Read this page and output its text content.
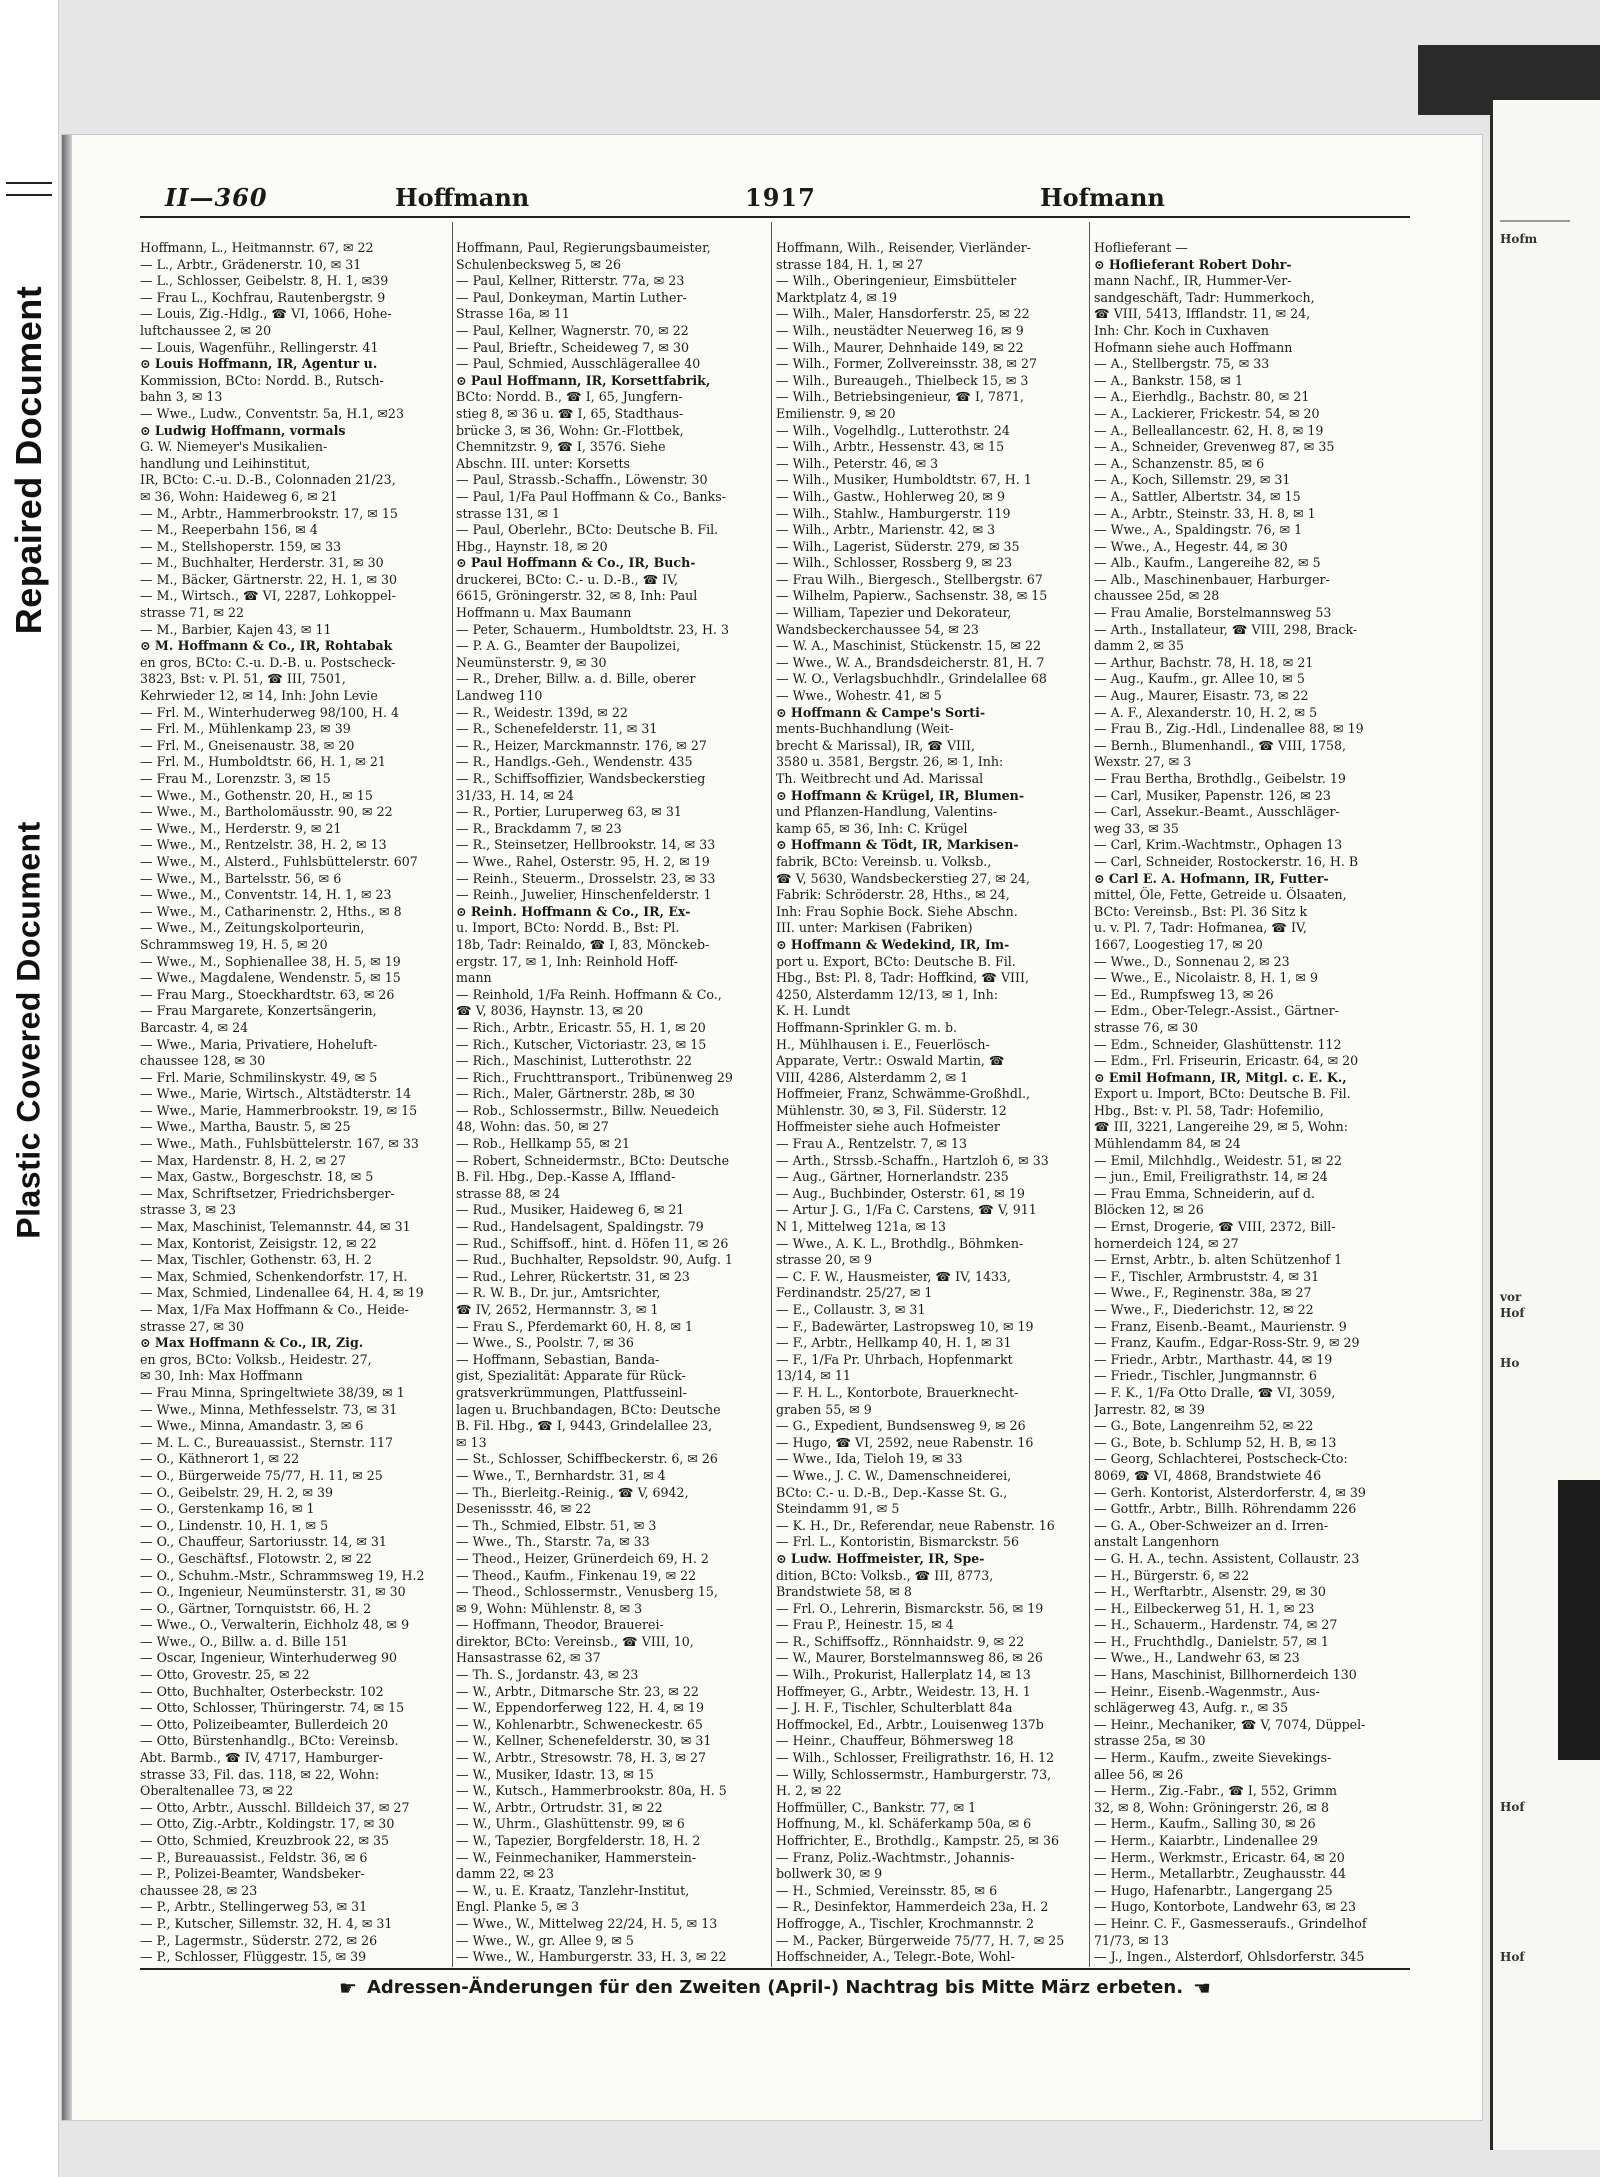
Repaired Document
Plastic Covered Document
Hofm
vor
Hof
Ho
Hof
Hof
II—360	Hoffmann	1917	Hofmann
Hoffmann, L., Heitmannstr. 67, ✉ 22
— L., Arbtr., Grädenerstr. 10, ✉ 31
— L., Schlosser, Geibelstr. 8, H. 1, ✉39
— Frau L., Kochfrau, Rautenbergstr. 9
— Louis, Zig.-Hdlg., ☎ VI, 1066, Hohe-
luftchaussee 2, ✉ 20
— Louis, Wagenführ., Rellingerstr. 41
⊙ Louis Hoffmann, IR, Agentur u.
Kommission, BCto: Nordd. B., Rutsch-
bahn 3, ✉ 13
— Wwe., Ludw., Conventstr. 5a, H.1, ✉23
⊙ Ludwig Hoffmann, vormals
G. W. Niemeyer's Musikalien-
handlung und Leihinstitut,
IR, BCto: C.-u. D.-B., Colonnaden 21/23,
✉ 36, Wohn: Haideweg 6, ✉ 21
— M., Arbtr., Hammerbrookstr. 17, ✉ 15
— M., Reeperbahn 156, ✉ 4
— M., Stellshoperstr. 159, ✉ 33
— M., Buchhalter, Herderstr. 31, ✉ 30
— M., Bäcker, Gärtnerstr. 22, H. 1, ✉ 30
— M., Wirtsch., ☎ VI, 2287, Lohkoppel-
strasse 71, ✉ 22
— M., Barbier, Kajen 43, ✉ 11
⊙ M. Hoffmann & Co., IR, Rohtabak
en gros, BCto: C.-u. D.-B. u. Postscheck-
3823, Bst: v. Pl. 51, ☎ III, 7501,
Kehrwieder 12, ✉ 14, Inh: John Levie
— Frl. M., Winterhuderweg 98/100, H. 4
— Frl. M., Mühlenkamp 23, ✉ 39
— Frl. M., Gneisenaustr. 38, ✉ 20
— Frl. M., Humboldtstr. 66, H. 1, ✉ 21
— Frau M., Lorenzstr. 3, ✉ 15
— Wwe., M., Gothenstr. 20, H., ✉ 15
— Wwe., M., Bartholomäusstr. 90, ✉ 22
— Wwe., M., Herderstr. 9, ✉ 21
— Wwe., M., Rentzelstr. 38, H. 2, ✉ 13
— Wwe., M., Alsterd., Fuhlsbüttelerstr. 607
— Wwe., M., Bartelsstr. 56, ✉ 6
— Wwe., M., Conventstr. 14, H. 1, ✉ 23
— Wwe., M., Catharinenstr. 2, Hths., ✉ 8
— Wwe., M., Zeitungskolporteurin,
Schrammsweg 19, H. 5, ✉ 20
— Wwe., M., Sophienallee 38, H. 5, ✉ 19
— Wwe., Magdalene, Wendenstr. 5, ✉ 15
— Frau Marg., Stoeckhardtstr. 63, ✉ 26
— Frau Margarete, Konzertsängerin,
Barcastr. 4, ✉ 24
— Wwe., Maria, Privatiere, Hoheluft-
chaussee 128, ✉ 30
— Frl. Marie, Schmilinskystr. 49, ✉ 5
— Wwe., Marie, Wirtsch., Altstädterstr. 14
— Wwe., Marie, Hammerbrookstr. 19, ✉ 15
— Wwe., Martha, Baustr. 5, ✉ 25
— Wwe., Math., Fuhlsbüttelerstr. 167, ✉ 33
— Max, Hardenstr. 8, H. 2, ✉ 27
— Max, Gastw., Borgeschstr. 18, ✉ 5
— Max, Schriftsetzer, Friedrichsberger-
strasse 3, ✉ 23
— Max, Maschinist, Telemannstr. 44, ✉ 31
— Max, Kontorist, Zeisigstr. 12, ✉ 22
— Max, Tischler, Gothenstr. 63, H. 2
— Max, Schmied, Schenkendorfstr. 17, H.
— Max, Schmied, Lindenallee 64, H. 4, ✉ 19
— Max, 1/Fa Max Hoffmann & Co., Heide-
strasse 27, ✉ 30
⊙ Max Hoffmann & Co., IR, Zig.
en gros, BCto: Volksb., Heidestr. 27,
✉ 30, Inh: Max Hoffmann
— Frau Minna, Springeltwiete 38/39, ✉ 1
— Wwe., Minna, Methfesselstr. 73, ✉ 31
— Wwe., Minna, Amandastr. 3, ✉ 6
— M. L. C., Bureauassist., Sternstr. 117
— O., Käthnerort 1, ✉ 22
— O., Bürgerweide 75/77, H. 11, ✉ 25
— O., Geibelstr. 29, H. 2, ✉ 39
— O., Gerstenkamp 16, ✉ 1
— O., Lindenstr. 10, H. 1, ✉ 5
— O., Chauffeur, Sartoriusstr. 14, ✉ 31
— O., Geschäftsf., Flotowstr. 2, ✉ 22
— O., Schuhm.-Mstr., Schrammsweg 19, H.2
— O., Ingenieur, Neumünsterstr. 31, ✉ 30
— O., Gärtner, Tornquiststr. 66, H. 2
— Wwe., O., Verwalterin, Eichholz 48, ✉ 9
— Wwe., O., Billw. a. d. Bille 151
— Oscar, Ingenieur, Winterhuderweg 90
— Otto, Grovestr. 25, ✉ 22
— Otto, Buchhalter, Osterbeckstr. 102
— Otto, Schlosser, Thüringerstr. 74, ✉ 15
— Otto, Polizeibeamter, Bullerdeich 20
— Otto, Bürstenhandlg., BCto: Vereinsb.
Abt. Barmb., ☎ IV, 4717, Hamburger-
strasse 33, Fil. das. 118, ✉ 22, Wohn:
Oberaltenallee 73, ✉ 22
— Otto, Arbtr., Ausschl. Billdeich 37, ✉ 27
— Otto, Zig.-Arbtr., Koldingstr. 17, ✉ 30
— Otto, Schmied, Kreuzbrook 22, ✉ 35
— P., Bureauassist., Feldstr. 36, ✉ 6
— P., Polizei-Beamter, Wandsbeker-
chaussee 28, ✉ 23
— P., Arbtr., Stellingerweg 53, ✉ 31
— P., Kutscher, Sillemstr. 32, H. 4, ✉ 31
— P., Lagermstr., Süderstr. 272, ✉ 26
— P., Schlosser, Flüggestr. 15, ✉ 39
Hoffmann, Paul, Regierungsbaumeister,
Schulenbecksweg 5, ✉ 26
— Paul, Kellner, Ritterstr. 77a, ✉ 23
— Paul, Donkeyman, Martin Luther-
Strasse 16a, ✉ 11
— Paul, Kellner, Wagnerstr. 70, ✉ 22
— Paul, Brieftr., Scheideweg 7, ✉ 30
— Paul, Schmied, Ausschlägerallee 40
⊙ Paul Hoffmann, IR, Korsettfabrik,
BCto: Nordd. B., ☎ I, 65, Jungfern-
stieg 8, ✉ 36 u. ☎ I, 65, Stadthaus-
brücke 3, ✉ 36, Wohn: Gr.-Flottbek,
Chemnitzstr. 9, ☎ I, 3576. Siehe
Abschn. III. unter: Korsetts
— Paul, Strassb.-Schaffn., Löwenstr. 30
— Paul, 1/Fa Paul Hoffmann & Co., Banks-
strasse 131, ✉ 1
— Paul, Oberlehr., BCto: Deutsche B. Fil.
Hbg., Haynstr. 18, ✉ 20
⊙ Paul Hoffmann & Co., IR, Buch-
druckerei, BCto: C.- u. D.-B., ☎ IV,
6615, Gröningerstr. 32, ✉ 8, Inh: Paul
Hoffmann u. Max Baumann
— Peter, Schauerm., Humboldtstr. 23, H. 3
— P. A. G., Beamter der Baupolizei,
Neumünsterstr. 9, ✉ 30
— R., Dreher, Billw. a. d. Bille, oberer
Landweg 110
— R., Weidestr. 139d, ✉ 22
— R., Schenefelderstr. 11, ✉ 31
— R., Heizer, Marckmannstr. 176, ✉ 27
— R., Handlgs.-Geh., Wendenstr. 435
— R., Schiffsoffizier, Wandsbeckerstieg
31/33, H. 14, ✉ 24
— R., Portier, Luruperweg 63, ✉ 31
— R., Brackdamm 7, ✉ 23
— R., Steinsetzer, Hellbrookstr. 14, ✉ 33
— Wwe., Rahel, Osterstr. 95, H. 2, ✉ 19
— Reinh., Steuerm., Drosselstr. 23, ✉ 33
— Reinh., Juwelier, Hinschenfelderstr. 1
⊙ Reinh. Hoffmann & Co., IR, Ex-
u. Import, BCto: Nordd. B., Bst: Pl.
18b, Tadr: Reinaldo, ☎ I, 83, Mönckeb-
ergstr. 17, ✉ 1, Inh: Reinhold Hoff-
mann
— Reinhold, 1/Fa Reinh. Hoffmann & Co.,
☎ V, 8036, Haynstr. 13, ✉ 20
— Rich., Arbtr., Ericastr. 55, H. 1, ✉ 20
— Rich., Kutscher, Victoriastr. 23, ✉ 15
— Rich., Maschinist, Lutterothstr. 22
— Rich., Fruchttransport., Tribünenweg 29
— Rich., Maler, Gärtnerstr. 28b, ✉ 30
— Rob., Schlossermstr., Billw. Neuedeich
48, Wohn: das. 50, ✉ 27
— Rob., Hellkamp 55, ✉ 21
— Robert, Schneidermstr., BCto: Deutsche
B. Fil. Hbg., Dep.-Kasse A, Iffland-
strasse 88, ✉ 24
— Rud., Musiker, Haideweg 6, ✉ 21
— Rud., Handelsagent, Spaldingstr. 79
— Rud., Schiffsoff., hint. d. Höfen 11, ✉ 26
— Rud., Buchhalter, Repsoldstr. 90, Aufg. 1
— Rud., Lehrer, Rückertstr. 31, ✉ 23
— R. W. B., Dr. jur., Amtsrichter,
☎ IV, 2652, Hermannstr. 3, ✉ 1
— Frau S., Pferdemarkt 60, H. 8, ✉ 1
— Wwe., S., Poolstr. 7, ✉ 36
— Hoffmann, Sebastian, Banda-
gist, Spezialität: Apparate für Rück-
gratsverkrümmungen, Plattfusseinl-
lagen u. Bruchbandagen, BCto: Deutsche
B. Fil. Hbg., ☎ I, 9443, Grindelallee 23,
✉ 13
— St., Schlosser, Schiffbeckerstr. 6, ✉ 26
— Wwe., T., Bernhardstr. 31, ✉ 4
— Th., Bierleitg.-Reinig., ☎ V, 6942,
Desenissstr. 46, ✉ 22
— Th., Schmied, Elbstr. 51, ✉ 3
— Wwe., Th., Starstr. 7a, ✉ 33
— Theod., Heizer, Grünerdeich 69, H. 2
— Theod., Kaufm., Finkenau 19, ✉ 22
— Theod., Schlossermstr., Venusberg 15,
✉ 9, Wohn: Mühlenstr. 8, ✉ 3
— Hoffmann, Theodor, Brauerei-
direktor, BCto: Vereinsb., ☎ VIII, 10,
Hansastrasse 62, ✉ 37
— Th. S., Jordanstr. 43, ✉ 23
— W., Arbtr., Ditmarsche Str. 23, ✉ 22
— W., Eppendorferweg 122, H. 4, ✉ 19
— W., Kohlenarbtr., Schweneckestr. 65
— W., Kellner, Schenefelderstr. 30, ✉ 31
— W., Arbtr., Stresowstr. 78, H. 3, ✉ 27
— W., Musiker, Idastr. 13, ✉ 15
— W., Kutsch., Hammerbrookstr. 80a, H. 5
— W., Arbtr., Ortrudstr. 31, ✉ 22
— W., Uhrm., Glashüttenstr. 99, ✉ 6
— W., Tapezier, Borgfelderstr. 18, H. 2
— W., Feinmechaniker, Hammerstein-
damm 22, ✉ 23
— W., u. E. Kraatz, Tanzlehr-Institut,
Engl. Planke 5, ✉ 3
— Wwe., W., Mittelweg 22/24, H. 5, ✉ 13
— Wwe., W., gr. Allee 9, ✉ 5
— Wwe., W., Hamburgerstr. 33, H. 3, ✉ 22
Hoffmann, Wilh., Reisender, Vierländer-
strasse 184, H. 1, ✉ 27
— Wilh., Oberingenieur, Eimsbütteler
Marktplatz 4, ✉ 19
— Wilh., Maler, Hansdorferstr. 25, ✉ 22
— Wilh., neustädter Neuerweg 16, ✉ 9
— Wilh., Maurer, Dehnhaide 149, ✉ 22
— Wilh., Former, Zollvereinsstr. 38, ✉ 27
— Wilh., Bureaugeh., Thielbeck 15, ✉ 3
— Wilh., Betriebsingenieur, ☎ I, 7871,
Emilienstr. 9, ✉ 20
— Wilh., Vogelhdlg., Lutterothstr. 24
— Wilh., Arbtr., Hessenstr. 43, ✉ 15
— Wilh., Peterstr. 46, ✉ 3
— Wilh., Musiker, Humboldtstr. 67, H. 1
— Wilh., Gastw., Hohlerweg 20, ✉ 9
— Wilh., Stahlw., Hamburgerstr. 119
— Wilh., Arbtr., Marienstr. 42, ✉ 3
— Wilh., Lagerist, Süderstr. 279, ✉ 35
— Wilh., Schlosser, Rossberg 9, ✉ 23
— Frau Wilh., Biergesch., Stellbergstr. 67
— Wilhelm, Papierw., Sachsenstr. 38, ✉ 15
— William, Tapezier und Dekorateur,
Wandsbeckerchaussee 54, ✉ 23
— W. A., Maschinist, Stückenstr. 15, ✉ 22
— Wwe., W. A., Brandsdeicherstr. 81, H. 7
— W. O., Verlagsbuchhdlr., Grindelallee 68
— Wwe., Wohestr. 41, ✉ 5
⊙ Hoffmann & Campe's Sorti-
ments-Buchhandlung (Weit-
brecht & Marissal), IR, ☎ VIII,
3580 u. 3581, Bergstr. 26, ✉ 1, Inh:
Th. Weitbrecht und Ad. Marissal
⊙ Hoffmann & Krügel, IR, Blumen-
und Pflanzen-Handlung, Valentins-
kamp 65, ✉ 36, Inh: C. Krügel
⊙ Hoffmann & Tödt, IR, Markisen-
fabrik, BCto: Vereinsb. u. Volksb.,
☎ V, 5630, Wandsbeckerstieg 27, ✉ 24,
Fabrik: Schröderstr. 28, Hths., ✉ 24,
Inh: Frau Sophie Bock. Siehe Abschn.
III. unter: Markisen (Fabriken)
⊙ Hoffmann & Wedekind, IR, Im-
port u. Export, BCto: Deutsche B. Fil.
Hbg., Bst: Pl. 8, Tadr: Hoffkind, ☎ VIII,
4250, Alsterdamm 12/13, ✉ 1, Inh:
K. H. Lundt
Hoffmann-Sprinkler G. m. b.
H., Mühlhausen i. E., Feuerlösch-
Apparate, Vertr.: Oswald Martin, ☎
VIII, 4286, Alsterdamm 2, ✉ 1
Hoffmeier, Franz, Schwämme-Großhdl.,
Mühlenstr. 30, ✉ 3, Fil. Süderstr. 12
Hoffmeister siehe auch Hofmeister
— Frau A., Rentzelstr. 7, ✉ 13
— Arth., Strssb.-Schaffn., Hartzloh 6, ✉ 33
— Aug., Gärtner, Hornerlandstr. 235
— Aug., Buchbinder, Osterstr. 61, ✉ 19
— Artur J. G., 1/Fa C. Carstens, ☎ V, 911
N 1, Mittelweg 121a, ✉ 13
— Wwe., A. K. L., Brothdlg., Böhmken-
strasse 20, ✉ 9
— C. F. W., Hausmeister, ☎ IV, 1433,
Ferdinandstr. 25/27, ✉ 1
— E., Collaustr. 3, ✉ 31
— F., Badewärter, Lastropsweg 10, ✉ 19
— F., Arbtr., Hellkamp 40, H. 1, ✉ 31
— F., 1/Fa Pr. Uhrbach, Hopfenmarkt
13/14, ✉ 11
— F. H. L., Kontorbote, Brauerknecht-
graben 55, ✉ 9
— G., Expedient, Bundsensweg 9, ✉ 26
— Hugo, ☎ VI, 2592, neue Rabenstr. 16
— Wwe., Ida, Tieloh 19, ✉ 33
— Wwe., J. C. W., Damenschneiderei,
BCto: C.- u. D.-B., Dep.-Kasse St. G.,
Steindamm 91, ✉ 5
— K. H., Dr., Referendar, neue Rabenstr. 16
— Frl. L., Kontoristin, Bismarckstr. 56
⊙ Ludw. Hoffmeister, IR, Spe-
dition, BCto: Volksb., ☎ III, 8773,
Brandstwiete 58, ✉ 8
— Frl. O., Lehrerin, Bismarckstr. 56, ✉ 19
— Frau P., Heinestr. 15, ✉ 4
— R., Schiffsoffz., Rönnhaidstr. 9, ✉ 22
— W., Maurer, Borstelmannsweg 86, ✉ 26
— Wilh., Prokurist, Hallerplatz 14, ✉ 13
Hoffmeyer, G., Arbtr., Weidestr. 13, H. 1
— J. H. F., Tischler, Schulterblatt 84a
Hoffmockel, Ed., Arbtr., Louisenweg 137b
— Heinr., Chauffeur, Böhmersweg 18
— Wilh., Schlosser, Freiligrathstr. 16, H. 12
— Willy, Schlossermstr., Hamburgerstr. 73,
H. 2, ✉ 22
Hoffmüller, C., Bankstr. 77, ✉ 1
Hoffnung, M., kl. Schäferkamp 50a, ✉ 6
Hoffrichter, E., Brothdlg., Kampstr. 25, ✉ 36
— Franz, Poliz.-Wachtmstr., Johannis-
bollwerk 30, ✉ 9
— H., Schmied, Vereinsstr. 85, ✉ 6
— R., Desinfektor, Hammerdeich 23a, H. 2
Hoffrogge, A., Tischler, Krochmannstr. 2
— M., Packer, Bürgerweide 75/77, H. 7, ✉ 25
Hoffschneider, A., Telegr.-Bote, Wohl-
Hoflieferant —
⊙ Hoflieferant Robert Dohr-
mann Nachf., IR, Hummer-Ver-
sandgeschäft, Tadr: Hummerkoch,
☎ VIII, 5413, Ifflandstr. 11, ✉ 24,
Inh: Chr. Koch in Cuxhaven
Hofmann siehe auch Hoffmann
— A., Stellbergstr. 75, ✉ 33
— A., Bankstr. 158, ✉ 1
— A., Eierhdlg., Bachstr. 80, ✉ 21
— A., Lackierer, Frickestr. 54, ✉ 20
— A., Belleallancestr. 62, H. 8, ✉ 19
— A., Schneider, Grevenweg 87, ✉ 35
— A., Schanzenstr. 85, ✉ 6
— A., Koch, Sillemstr. 29, ✉ 31
— A., Sattler, Albertstr. 34, ✉ 15
— A., Arbtr., Steinstr. 33, H. 8, ✉ 1
— Wwe., A., Spaldingstr. 76, ✉ 1
— Wwe., A., Hegestr. 44, ✉ 30
— Alb., Kaufm., Langereihe 82, ✉ 5
— Alb., Maschinenbauer, Harburger-
chaussee 25d, ✉ 28
— Frau Amalie, Borstelmannsweg 53
— Arth., Installateur, ☎ VIII, 298, Brack-
damm 2, ✉ 35
— Arthur, Bachstr. 78, H. 18, ✉ 21
— Aug., Kaufm., gr. Allee 10, ✉ 5
— Aug., Maurer, Eisastr. 73, ✉ 22
— A. F., Alexanderstr. 10, H. 2, ✉ 5
— Frau B., Zig.-Hdl., Lindenallee 88, ✉ 19
— Bernh., Blumenhandl., ☎ VIII, 1758,
Wexstr. 27, ✉ 3
— Frau Bertha, Brothdlg., Geibelstr. 19
— Carl, Musiker, Papenstr. 126, ✉ 23
— Carl, Assekur.-Beamt., Ausschläger-
weg 33, ✉ 35
— Carl, Krim.-Wachtmstr., Ophagen 13
— Carl, Schneider, Rostockerstr. 16, H. B
⊙ Carl E. A. Hofmann, IR, Futter-
mittel, Öle, Fette, Getreide u. Ölsaaten,
BCto: Vereinsb., Bst: Pl. 36 Sitz k
u. v. Pl. 7, Tadr: Hofmanea, ☎ IV,
1667, Loogestieg 17, ✉ 20
— Wwe., D., Sonnenau 2, ✉ 23
— Wwe., E., Nicolaistr. 8, H. 1, ✉ 9
— Ed., Rumpfsweg 13, ✉ 26
— Edm., Ober-Telegr.-Assist., Gärtner-
strasse 76, ✉ 30
— Edm., Schneider, Glashüttenstr. 112
— Edm., Frl. Friseurin, Ericastr. 64, ✉ 20
⊙ Emil Hofmann, IR, Mitgl. c. E. K.,
Export u. Import, BCto: Deutsche B. Fil.
Hbg., Bst: v. Pl. 58, Tadr: Hofemilio,
☎ III, 3221, Langereihe 29, ✉ 5, Wohn:
Mühlendamm 84, ✉ 24
— Emil, Milchhdlg., Weidestr. 51, ✉ 22
— jun., Emil, Freiligrathstr. 14, ✉ 24
— Frau Emma, Schneiderin, auf d.
Blöcken 12, ✉ 26
— Ernst, Drogerie, ☎ VIII, 2372, Bill-
hornerdeich 124, ✉ 27
— Ernst, Arbtr., b. alten Schützenhof 1
— F., Tischler, Armbruststr. 4, ✉ 31
— Wwe., F., Reginenstr. 38a, ✉ 27
— Wwe., F., Diederichstr. 12, ✉ 22
— Franz, Eisenb.-Beamt., Maurienstr. 9
— Franz, Kaufm., Edgar-Ross-Str. 9, ✉ 29
— Friedr., Arbtr., Marthastr. 44, ✉ 19
— Friedr., Tischler, Jungmannstr. 6
— F. K., 1/Fa Otto Dralle, ☎ VI, 3059,
Jarrestr. 82, ✉ 39
— G., Bote, Langenreihm 52, ✉ 22
— G., Bote, b. Schlump 52, H. B, ✉ 13
— Georg, Schlachterei, Postscheck-Cto:
8069, ☎ VI, 4868, Brandstwiete 46
— Gerh. Kontorist, Alsterdorferstr. 4, ✉ 39
— Gottfr., Arbtr., Billh. Röhrendamm 226
— G. A., Ober-Schweizer an d. Irren-
anstalt Langenhorn
— G. H. A., techn. Assistent, Collaustr. 23
— H., Bürgerstr. 6, ✉ 22
— H., Werftarbtr., Alsenstr. 29, ✉ 30
— H., Eilbeckerweg 51, H. 1, ✉ 23
— H., Schauerm., Hardenstr. 74, ✉ 27
— H., Fruchthdlg., Danielstr. 57, ✉ 1
— Wwe., H., Landwehr 63, ✉ 23
— Hans, Maschinist, Billhornerdeich 130
— Heinr., Eisenb.-Wagenmstr., Aus-
schlägerweg 43, Aufg. r., ✉ 35
— Heinr., Mechaniker, ☎ V, 7074, Düppel-
strasse 25a, ✉ 30
— Herm., Kaufm., zweite Sievekings-
allee 56, ✉ 26
— Herm., Zig.-Fabr., ☎ I, 552, Grimm
32, ✉ 8, Wohn: Gröningerstr. 26, ✉ 8
— Herm., Kaufm., Salling 30, ✉ 26
— Herm., Kaiarbtr., Lindenallee 29
— Herm., Werkmstr., Ericastr. 64, ✉ 20
— Herm., Metallarbtr., Zeughausstr. 44
— Hugo, Hafenarbtr., Langergang 25
— Hugo, Kontorbote, Landwehr 63, ✉ 23
— Heinr. C. F., Gasmesseraufs., Grindelhof
71/73, ✉ 13
— J., Ingen., Alsterdorf, Ohlsdorferstr. 345
☛ Adressen-Änderungen für den Zweiten (April-) Nachtrag bis Mitte März erbeten. ☚
